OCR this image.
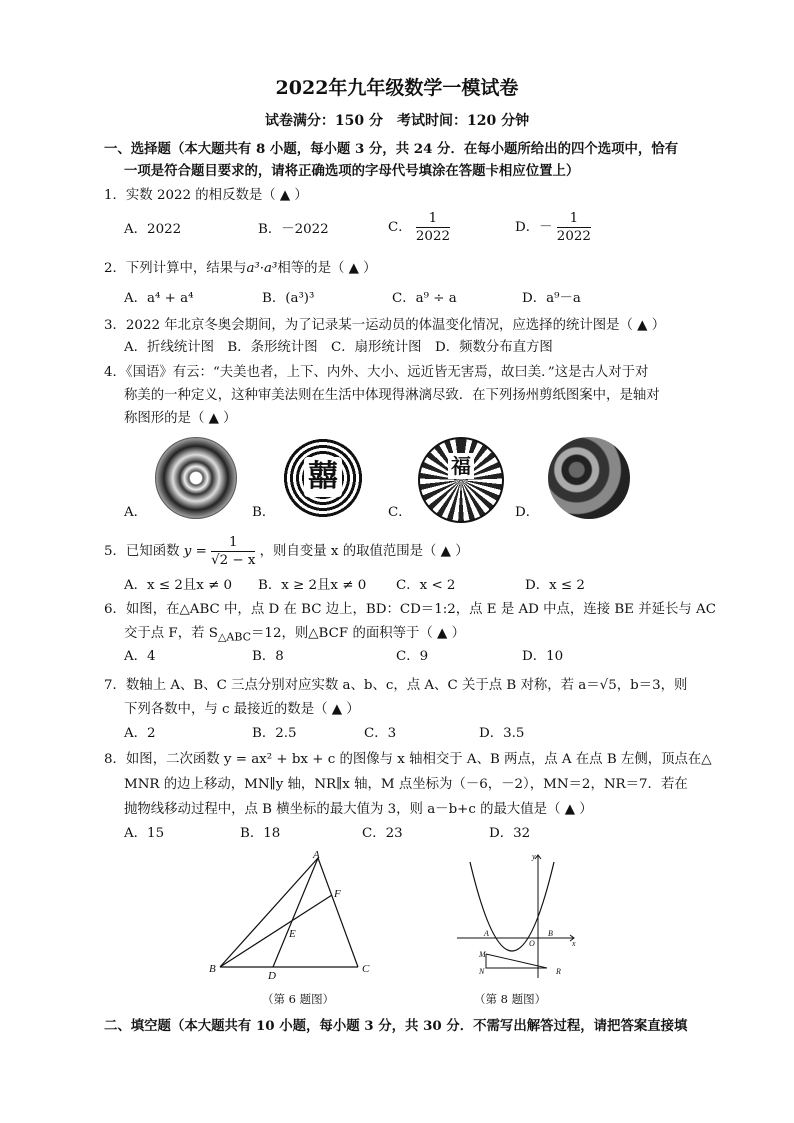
2022年九年级数学一模试卷
试卷满分：150 分　考试时间：120 分钟
一、选择题（本大题共有 8 小题，每小题 3 分，共 24 分．在每小题所给出的四个选项中，恰有
一项是符合题目要求的，请将正确选项的字母代号填涂在答题卡相应位置上）
1．实数 2022 的相反数是（ ▲ ）
A．2022	B．－2022	C． $\frac{1}{2022}$	D．－ $\frac{1}{2022}$
2．下列计算中，结果与a³·a³相等的是（ ▲ ）
A．a⁴ + a⁴	B．(a³)³	C．a⁹ ÷ a	D．a⁹－a
3．2022 年北京冬奥会期间，为了记录某一运动员的体温变化情况，应选择的统计图是（ ▲ ）
A．折线统计图　B．条形统计图　C．扇形统计图　D．频数分布直方图
4．《国语》有云：“夫美也者，上下、内外、大小、远近皆无害焉，故曰美．”这是古人对于对
称美的一种定义，这种审美法则在生活中体现得淋漓尽致．在下列扬州剪纸图案中，是轴对
称图形的是（ ▲ ）
囍	福
A．	B．	C．	D．
5．已知函数 $y = \frac{1}{√2 - x}$ ，则自变量 x 的取值范围是（ ▲ ）
A．x ≤ 2且x ≠ 0 B．x ≥ 2且x ≠ 0 C．x < 2	D．x ≤ 2
6．如图，在△ABC 中，点 D 在 BC 边上，BD：CD＝1:2，点 E 是 AD 中点，连接 BE 并延长与 AC
交于点 F，若 $S_{\triangle ABC}=12$，则△BCF 的面积等于（ ▲ ）
A．4	B．8	C．9	D．10
7．数轴上 A、B、C 三点分别对应实数 a、b、c，点 A、C 关于点 B 对称，若 a＝√5，b＝3，则
下列各数中，与 c 最接近的数是（ ▲ ）
A．2	B．2.5	C．3	D．3.5
8．如图，二次函数 y = ax² + bx + c 的图像与 x 轴相交于 A、B 两点，点 A 在点 B 左侧，顶点在△
MNR 的边上移动，MN∥y 轴，NR∥x 轴，M 点坐标为（－6，－2），MN＝2，NR＝7．若在
抛物线移动过程中，点 B 横坐标的最大值为 3，则 a－b+c 的最大值是（ ▲ ）
A．15	B．18	C．23	D．32
A
B	C
D
E
F
（第 6 题图）
y
x
O
A	B
M
N	R
（第 8 题图）
二、填空题（本大题共有 10 小题，每小题 3 分，共 30 分．不需写出解答过程，请把答案直接填
